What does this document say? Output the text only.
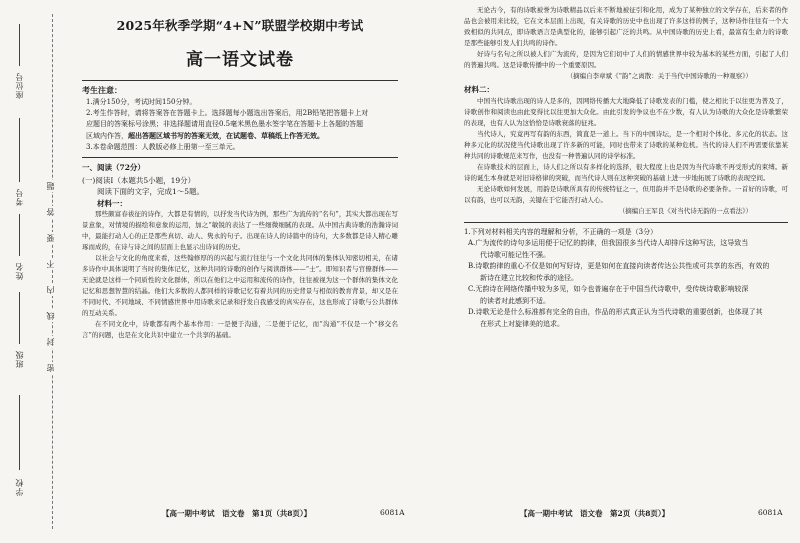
学校
班级
姓名
考号
座位号
题
答
要
不
内
线
封
密
2025年秋季学期“4+N”联盟学校期中考试
高一语文试卷
考生注意：

1.满分150分，考试时间150分钟。

2.考生作答时，请将答案答在答题卡上。选择题每小题选出答案后，用2B铅笔把答题卡上对

应题目的答案标号涂黑；非选择题请用直径0.5毫米黑色墨水签字笔在答题卡上各题的答题

区域内作答，超出答题区域书写的答案无效，在试题卷、草稿纸上作答无效。

3.本卷命题范围：人教版必修上册第一至三单元。

一、阅读（72分）
(一)阅读Ⅰ（本题共5小题，19分）
阅读下面的文字，完成1～5题。
材料一：

那些颇富春祓征的诗作，大都是有情的，以抒发当代诗为例，那些广为流传的“名句”，其实大都出现在写景意象，对情境的描绘和意象的运用，加之“敏锐的表达了一些细微细腻的表现。从中国古典诗歌的浩瀚诗词中，最能打动人心的正是那些真切、动人、隽永的句子。出现在诗人的诗篇中的诗句，大多数都是诗人精心雕琢而成的，在诗与诗之间的层面上也显示出诗词的历史。

以社会与文化的角度来看，这些翰修厚的的兴起与流行往往与一个文化共同体的集体认知密切相关，在诸多诗作中具体说明了当时的集体记忆，这种共同的诗歌的创作与阅读群体——“士”。即知识者与官僚群体——无论就是这样一个同质性的文化群体，所以在他们之中运用和流传的诗作，往往被视为这一个群体的集体文化记忆和思想智慧的结晶。他们大多数的人都同样的诗歌记忆有着共同的历史背景与相似的教育背景，却又是在不同时代、不同地域、不同情感世界中用诗歌来记录和抒发自我感受的真实存在，这也形成了诗歌与公共群体的互动关系。

在不同文化中，诗歌都有两个基本作用：一是便于沟通，二是便于记忆，而“沟通”不仅是一个“移交名言”的问题，也是在文化共识中建立一个共享的基础。

【高一期中考试　语文卷　第1页（共8页）】	6081A

无论古今，有的诗歌被誉为诗歌精品以后来不断地被征引和化用，成为了某种独立的文学存在，后来者的作品也会被用来比较，它在文本层面上出现，有关诗歌的历史中也出现了许多这样的例子，这种诗作往往有一个大致相似的共同点，即诗歌语言是典型化的，能够引起广泛的共鸣。从中国诗歌的历史上看，最富有生命力的诗歌是那些能够引发人们共鸣的诗作。

好诗与名句之所以被人们广为流传，是因为它们切中了人们的情感世界中较为基本的某些方面，引起了人们的普遍共鸣。这是诗歌传播中的一个重要原因。

（摘编自李章斌《“韵”之离散：关于当代中国诗歌的一种观察》）
材料二：

中国当代诗歌出现的诗人是多的，因网络传播大大地降低了诗歌发表的门槛，使之相比于以往更为普及了，诗歌创作和阅读也由此变得比以往更加大众化。由此引发的争议也不在少数，有人认为诗歌的大众化是诗歌繁荣的表现，也有人认为这恰恰是诗歌衰落的征兆。

当代诗人，究竟再写有韵的东西，简直是一道上。当下的中国诗坛，是一个相对个体化、多元化的状态。这种多元化的状况使当代诗歌出现了许多新的可能，同时也带来了诗歌的某种危机。当代的诗人们不再需要依靠某种共同的诗歌规范来写作，也没有一种普遍认同的诗学标准。

在诗歌技术的层面上，诗人们之所以有多样化的选择，很大程度上也是因为当代诗歌不再受形式的束缚。新诗的诞生本身就是对旧诗格律的突破，而当代诗人则在这种突破的基础上进一步地拓展了诗歌的表现空间。

无论诗歌如何发展，用韵是诗歌所具有的传统特征之一，但用韵并不是诗歌的必要条件。一首好的诗歌，可以有韵，也可以无韵，关键在于它能否打动人心。

（摘编自王军良《对当代诗无韵的一点看法》）
1.下列对材料相关内容的理解和分析，不正确的一项是（3分）
A.广为流传的诗句多运用便于记忆的韵律，但我国很多当代诗人却排斥这种写法，这导致当
代诗歌可能记性不强。
B.诗歌韵律的重心不仅是如何写好诗，更是如何在直接向读者传达公共性或可共享的东西，有效的
新诗在建立比较和传承的途径。
C.无韵诗在网络传播中较为多见，如今也普遍存在于中国当代诗歌中，受传统诗歌影响较深
的读者对此感到不适。
D.诗歌无论是什么标准都有完全的自由，作品的形式真正认为当代诗歌的重要创新，也体现了其
在形式上对旋律美的追求。
【高一期中考试　语文卷　第2页（共8页）】	6081A
